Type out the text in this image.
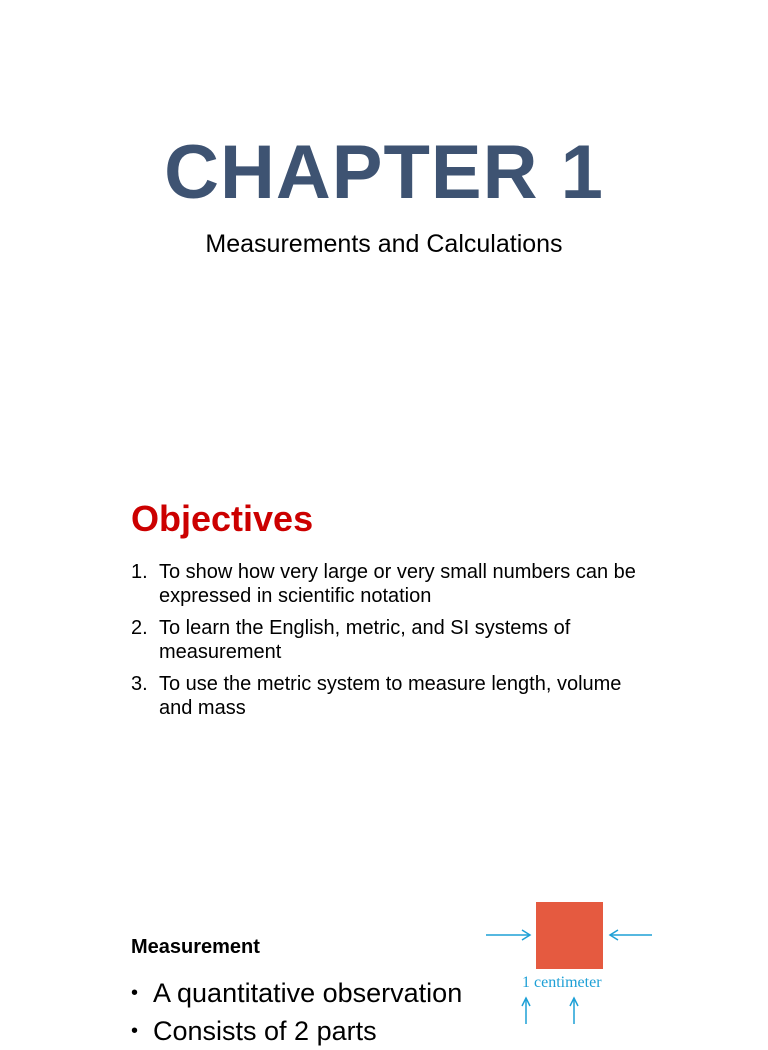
CHAPTER 1
Measurements and Calculations
Objectives
1. To show how very large or very small numbers can be expressed in scientific notation
2. To learn the English, metric, and SI systems of measurement
3. To use the metric system to measure length, volume and mass
Measurement
• A quantitative observation
• Consists of 2 parts
1 centimeter
